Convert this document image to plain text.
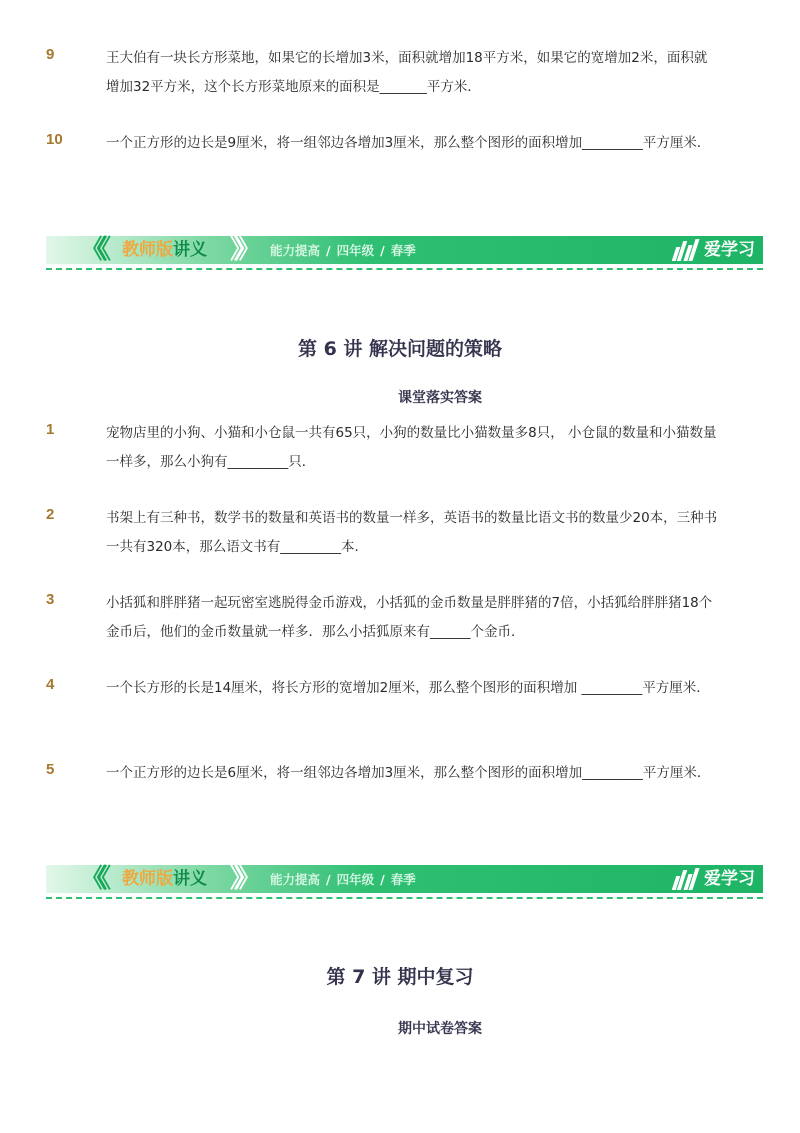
9	王大伯有一块长方形菜地，如果它的长增加3米，面积就增加18平方米，如果它的宽增加2米，面积就增加32平方米，这个长方形菜地原来的面积是_______平方米．
10	一个正方形的边长是9厘米，将一组邻边各增加3厘米，那么整个图形的面积增加_________平方厘米．
《《 教师版讲义 》》 能力提高 / 四年级 / 春季	爱学习
第 6 讲 解决问题的策略
课堂落实答案
1	宠物店里的小狗、小猫和小仓鼠一共有65只，小狗的数量比小猫数量多8只， 小仓鼠的数量和小猫数量一样多，那么小狗有_________只．
2	书架上有三种书，数学书的数量和英语书的数量一样多，英语书的数量比语文书的数量少20本，三种书一共有320本，那么语文书有_________本．
3	小括狐和胖胖猪一起玩密室逃脱得金币游戏，小括狐的金币数量是胖胖猪的7倍，小括狐给胖胖猪18个金币后，他们的金币数量就一样多．那么小括狐原来有______个金币．
4	一个长方形的长是14厘米，将长方形的宽增加2厘米，那么整个图形的面积增加 _________平方厘米．
5	一个正方形的边长是6厘米，将一组邻边各增加3厘米，那么整个图形的面积增加_________平方厘米．
《《 教师版讲义 》》 能力提高 / 四年级 / 春季	爱学习
第 7 讲 期中复习
期中试卷答案
